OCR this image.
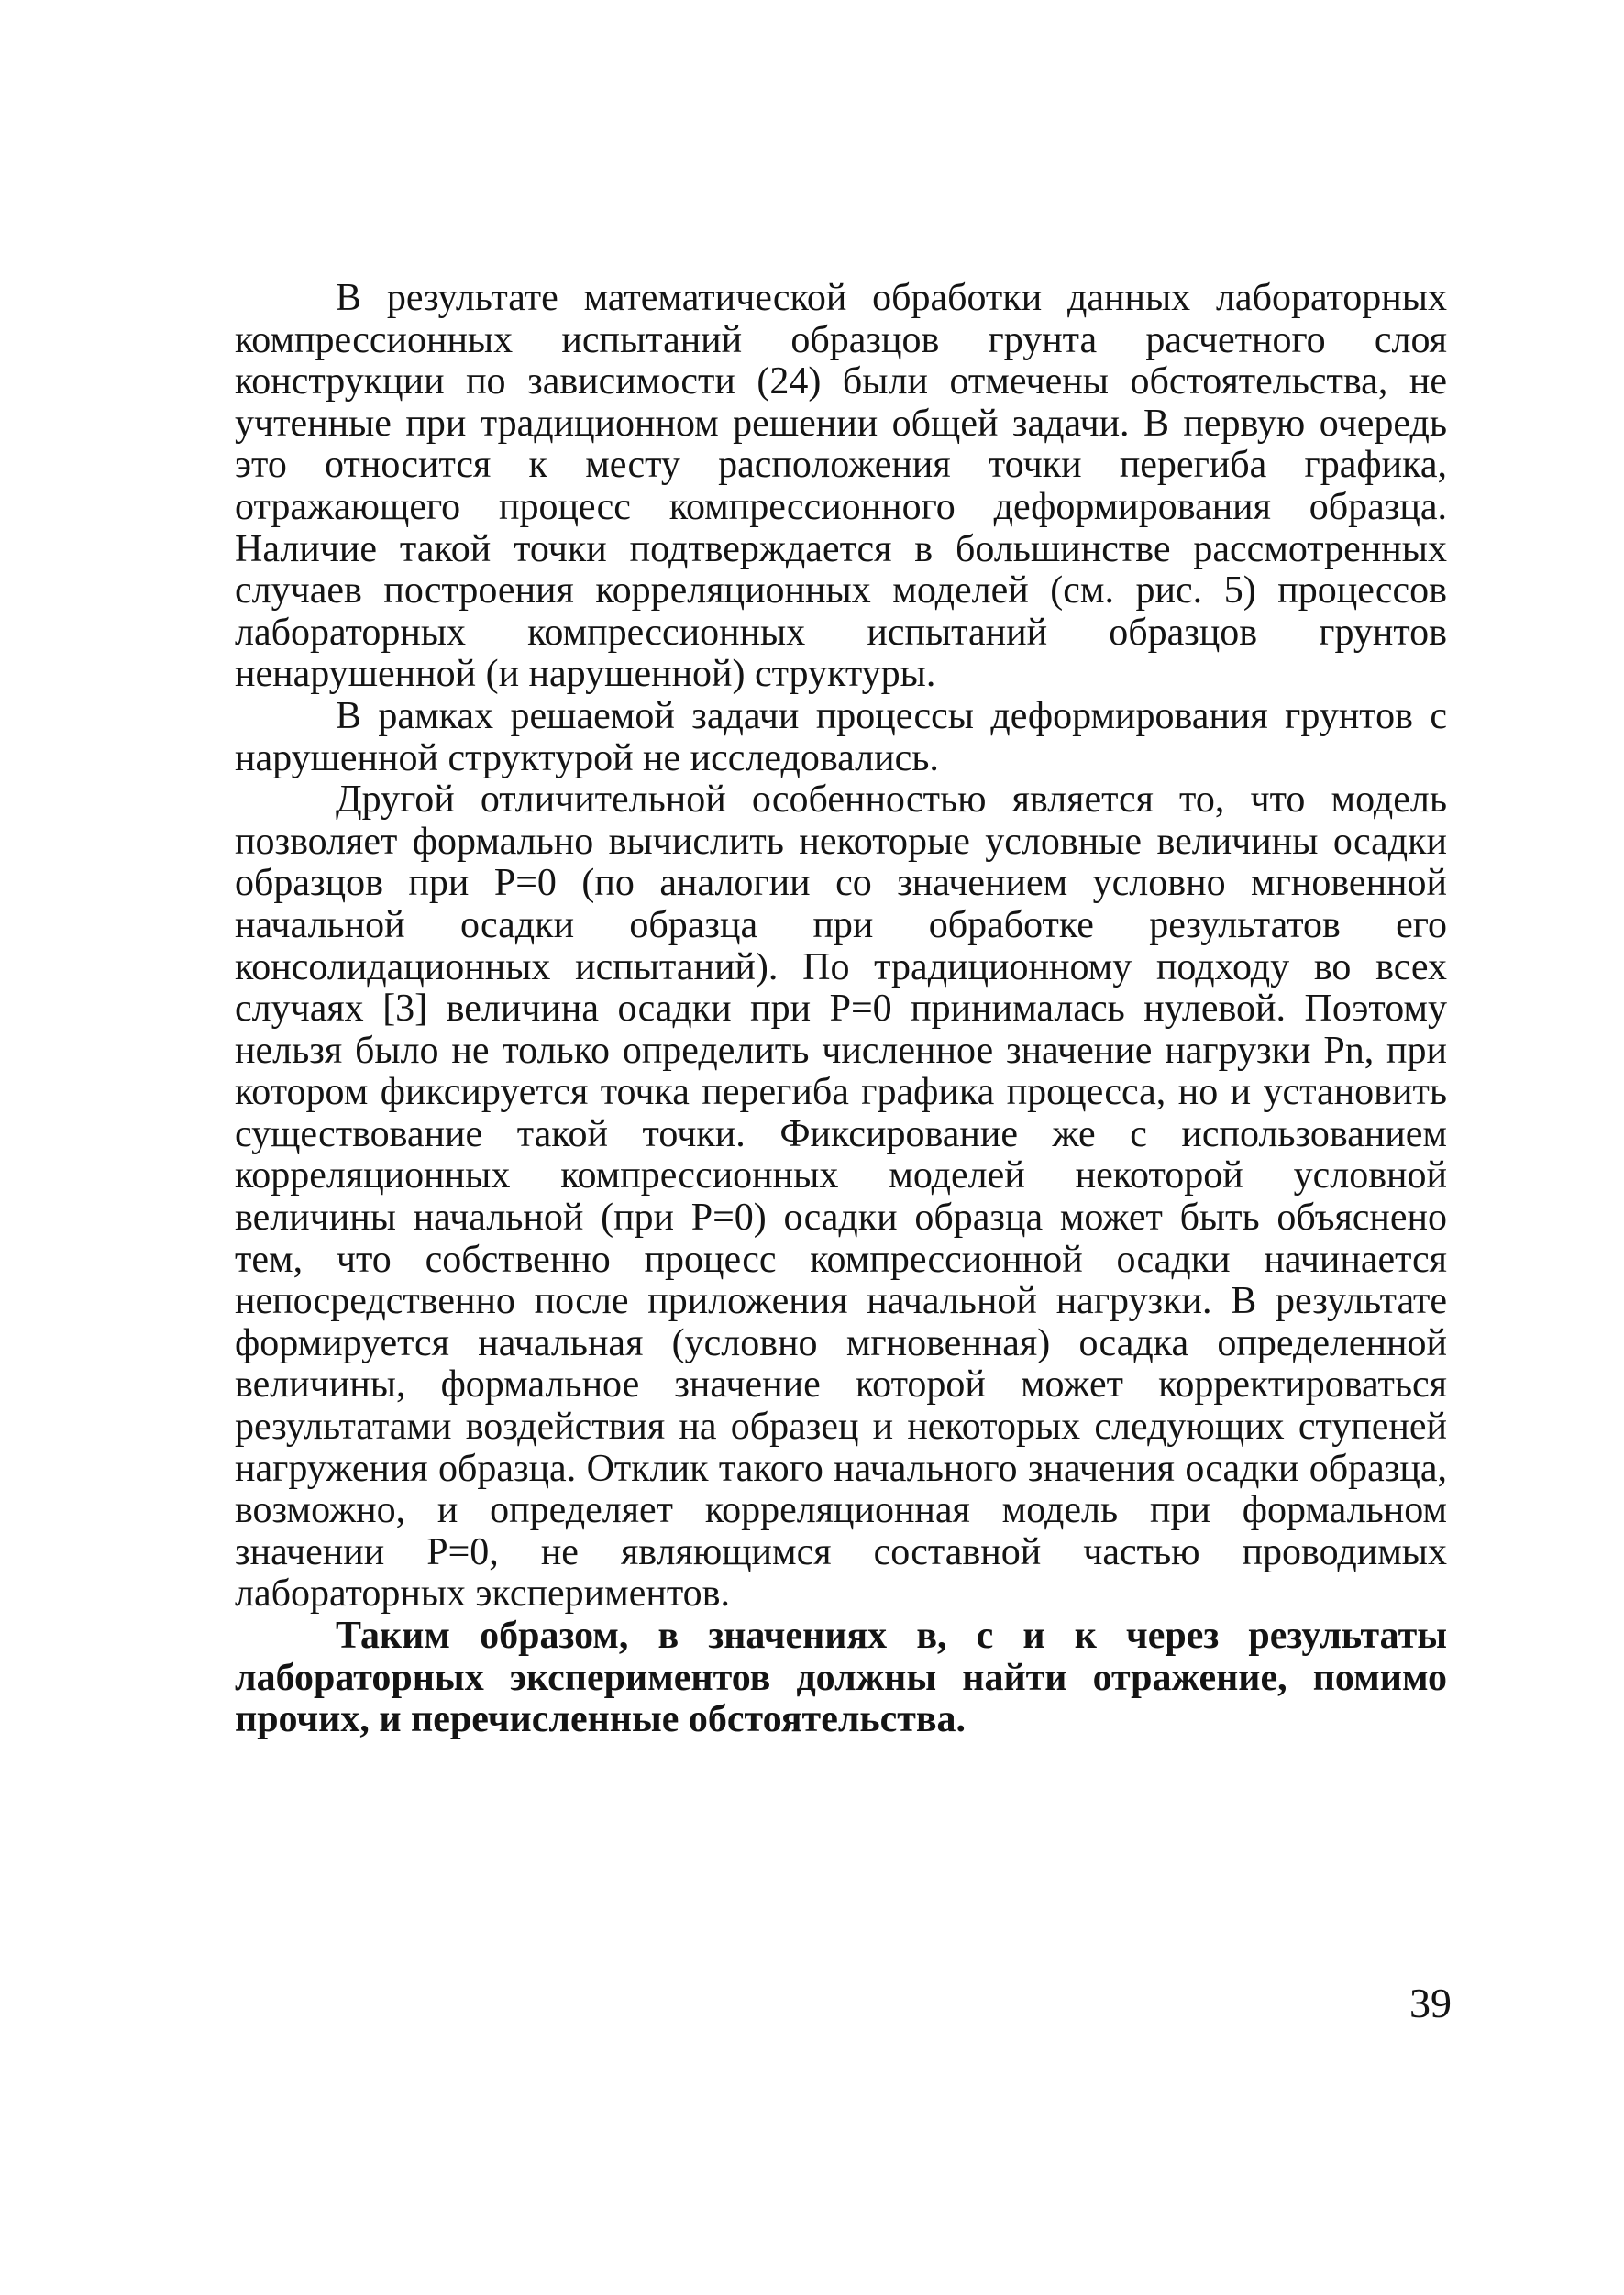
В результате математической обработки данных лабораторных компрессионных испытаний образцов грунта расчетного слоя конструкции по зависимости (24) были отмечены обстоятельства, не учтенные при традиционном решении общей задачи. В первую очередь это относится к месту расположения точки перегиба графика, отражающего процесс компрессионного деформирования образца. Наличие такой точки подтверждается в большинстве рассмотренных случаев построения корреляционных моделей (см. рис. 5) процессов лабораторных компрессионных испытаний образцов грунтов ненарушенной (и нарушенной) структуры.

В рамках решаемой задачи процессы деформирования грунтов с нарушенной структурой не исследовались.

Другой отличительной особенностью является то, что модель позволяет формально вычислить некоторые условные величины осадки образцов при P=0 (по аналогии со значением условно мгновенной начальной осадки образца при обработке результатов его консолидационных испытаний). По традиционному подходу во всех случаях [3] величина осадки при P=0 принималась нулевой. Поэтому нельзя было не только определить численное значение нагрузки Pn, при котором фиксируется точка перегиба графика процесса, но и установить существование такой точки. Фиксирование же с использованием корреляционных компрессионных моделей некоторой условной величины начальной (при P=0) осадки образца может быть объяснено тем, что собственно процесс компрессионной осадки начинается непосредственно после приложения начальной нагрузки. В результате формируется начальная (условно мгновенная) осадка определенной величины, формальное значение которой может корректироваться результатами воздействия на образец и некоторых следующих ступеней нагружения образца. Отклик такого начального значения осадки образца, возможно, и определяет корреляционная модель при формальном значении P=0, не являющимся составной частью проводимых лабораторных экспериментов.

Таким образом, в значениях в, с и к через результаты лабораторных экспериментов должны найти отражение, помимо прочих, и перечисленные обстоятельства.

39
